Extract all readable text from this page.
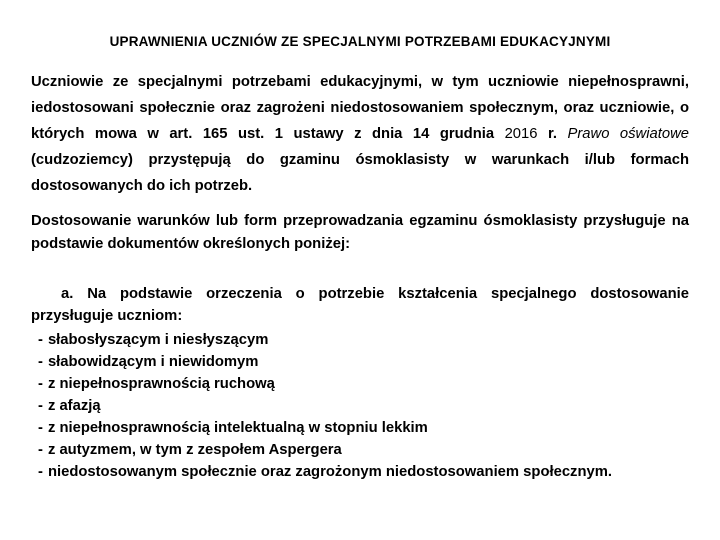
UPRAWNIENIA UCZNIÓW ZE SPECJALNYMI POTRZEBAMI EDUKACYJNYMI

Uczniowie ze specjalnymi potrzebami edukacyjnymi, w tym uczniowie niepełnosprawni, iedostosowani społecznie oraz zagrożeni niedostosowaniem społecznym, oraz uczniowie, o których mowa w art. 165 ust. 1 ustawy z dnia 14 grudnia 2016 r. Prawo oświatowe (cudzoziemcy) przystępują do gzaminu ósmoklasisty w warunkach i/lub formach dostosowanych do ich potrzeb.

Dostosowanie warunków lub form przeprowadzania egzaminu ósmoklasisty przysługuje na podstawie dokumentów określonych poniżej:

a. Na podstawie orzeczenia o potrzebie kształcenia specjalnego dostosowanie przysługuje uczniom:

- słabosłyszącym i niesłyszącym
- słabowidzącym i niewidomym
- z niepełnosprawnością ruchową
- z afazją
- z niepełnosprawnością intelektualną w stopniu lekkim
- z autyzmem, w tym z zespołem Aspergera
- niedostosowanym społecznie oraz zagrożonym niedostosowaniem społecznym.
